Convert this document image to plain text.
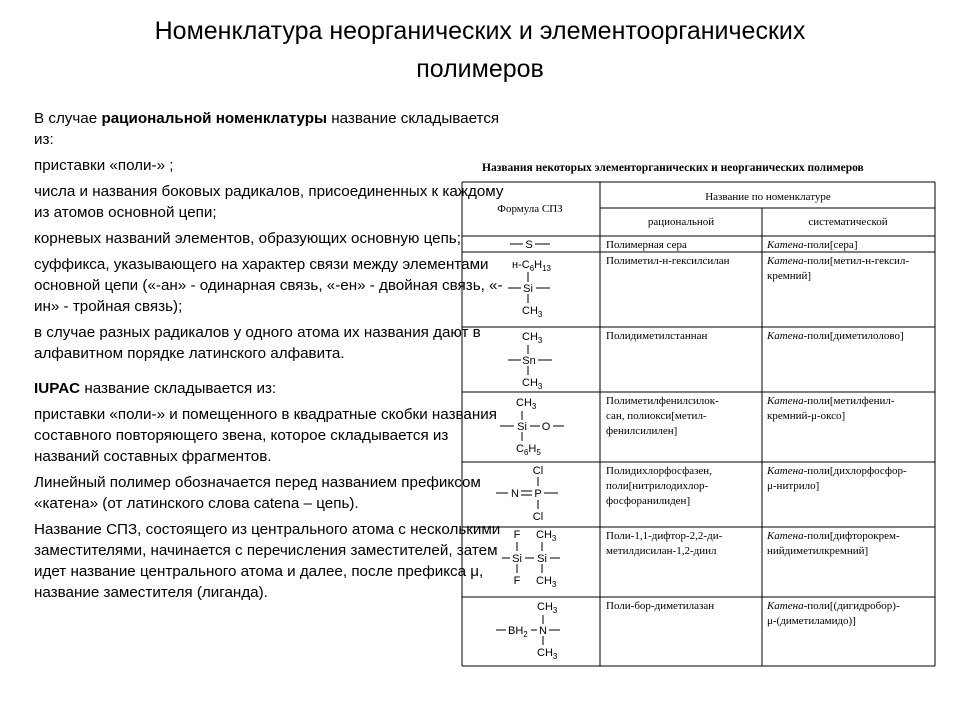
Номенклатура неорганических и элементоорганических
полимеров

В случае рациональной номенклатуры название складывается из:

приставки «поли-» ;

числа и названия боковых радикалов, присоединенных к каждому из атомов основной цепи;

корневых названий элементов, образующих основную цепь;

суффикса, указывающего на характер связи между элементами основной цепи («-ан» - одинарная связь, «-ен» - двойная связь, «-ин» - тройная связь);

в случае разных радикалов у одного атома их названия дают в алфавитном порядке латинского алфавита.

IUPAC название складывается из:

приставки «поли-» и помещенного в квадратные скобки названия составного повторяющего звена, которое складывается из названий составных фрагментов.

Линейный полимер обозначается перед названием префиксом «катена» (от латинского слова catena – цепь).

Название СПЗ, состоящего из центрального атома с несколькими заместителями, начинается с перечисления заместителей, затем идет название центрального атома и далее, после префикса μ, название заместителя (лиганда).

Названия некоторых элементорганических и неорганических полимеров
Формула СПЗ
Название по номенклатуре
рациональной	систематической
Полимерная сера
Полиметил-н-гексилсилан
Полидиметилстаннан
Полиметилфенилсилок-
сан, полиокси[метил-
фенилсилилен]
Полидихлорфосфазен,
поли[нитрилодихлор-
фосфоранилиден]
Поли-1,1-дифтор-2,2-ди-
метилдисилан-1,2-диил
Поли-бор-диметилазан
Катена-поли[сера]
Катена-поли[метил-н-гексил-
кремний]
Катена-поли[диметилолово]
Катена-поли[метилфенил-
кремний-μ-оксо]
Катена-поли[дихлорфосфор-
μ-нитрило]
Катена-поли[дифторокрем-
нийдиметилкремний]
Катена-поли[(дигидробор)-
μ-(диметиламидо)]
S
$н-C_6H_{13}$
Si
$CH_3$
$CH_3$
Sn
$CH_3$
$CH_3$
Si O
$C_6H_5$
Cl
N P
Cl
F $CH_3$
Si Si
F $CH_3$
$CH_3$
$BH_2$ N
$CH_3$
